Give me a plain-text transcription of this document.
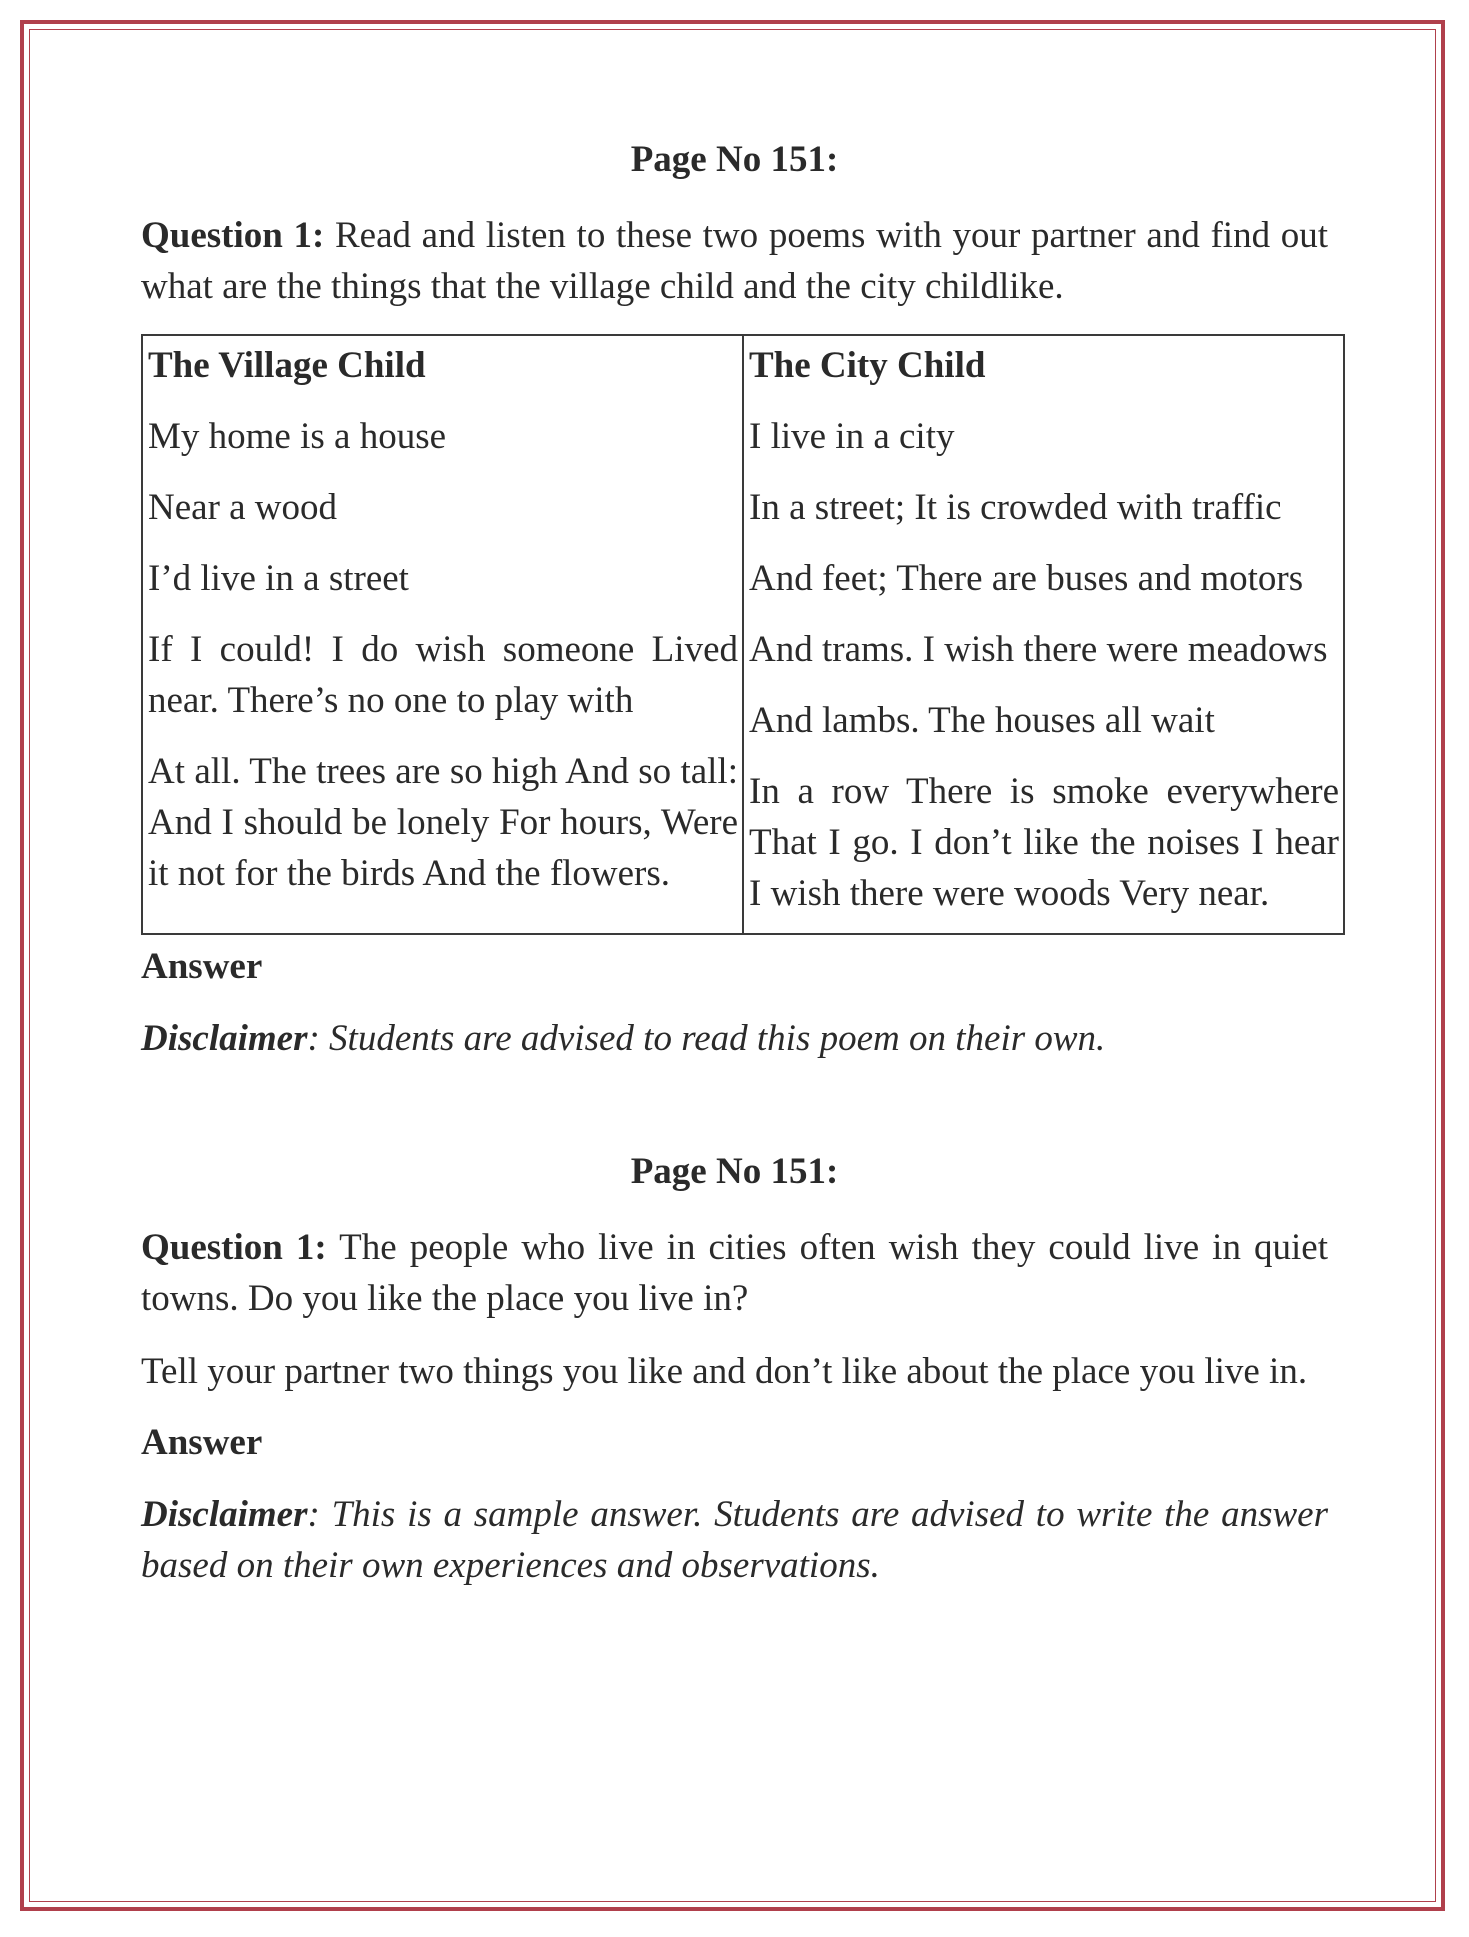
Page No 151:

Question 1: Read and listen to these two poems with your partner and find out what are the things that the village child and the city childlike.

The Village Child
My home is a house
Near a wood
I’d live in a street
If I could! I do wish someone Lived near. There’s no one to play with
At all. The trees are so high And so tall: And I should be lonely For hours, Were it not for the birds And the flowers.

The City Child
I live in a city
In a street; It is crowded with traffic
And feet; There are buses and motors
And trams. I wish there were meadows
And lambs. The houses all wait
In a row There is smoke everywhere That I go. I don’t like the noises I hear I wish there were woods Very near.

Answer

Disclaimer: Students are advised to read this poem on their own.

Page No 151:

Question 1: The people who live in cities often wish they could live in quiet towns. Do you like the place you live in?

Tell your partner two things you like and don’t like about the place you live in.

Answer

Disclaimer: This is a sample answer. Students are advised to write the answer based on their own experiences and observations.
